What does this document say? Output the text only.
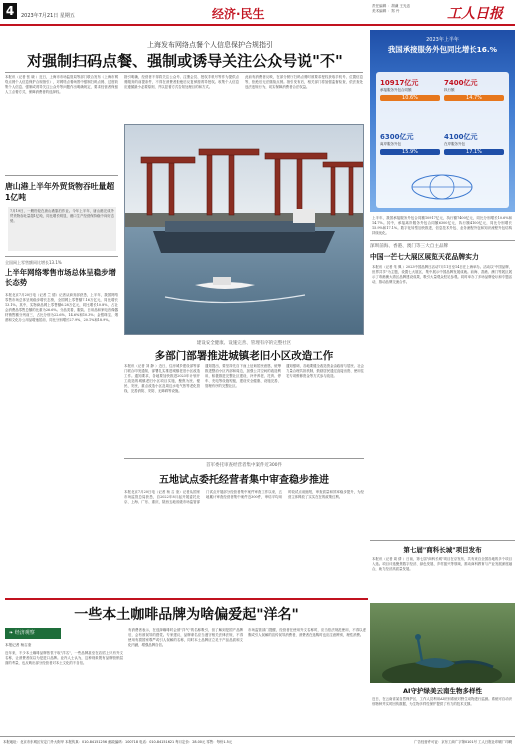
4	2023年7月21日 星期五	经济·民生
责任编辑 ：胡谦 王光忠
美术编辑 ：郑 丹	工人日报
上海发布网络点餐个人信息保护合规指引
对强制扫码点餐、强制或诱导关注公众号说"不"
本报讯（记者 张 晓 ）近日，上海市市场监管局等部门联合发布《上海市网络点餐个人信息保护合规指引》，对网络点餐场景中强制扫码点餐、过度收集个人信息、强制或诱导关注公众号等问题作出明确规定，要求经营者保留人工点餐方式，保障消费者的选择权。
指引明确，经营者不得将关注公众号、注册会员、授权手机号等作为提供点餐服务的前提条件，不得在消费者拒绝后反复弹窗诱导授权。收集个人信息应遵循最小必要原则，并以显著方式告知处理目的和方式。
此前有消费者反映，在部分餐厅扫码点餐时被要求授权获取手机号、位置信息等，拒绝后无法继续点餐。指引发布后，相关部门将加强监督检查，依法查处违法违规行为，切实保障消费者合法权益。
唐山港上半年外贸货物吞吐量超1亿吨
7月19日，一艘货轮在唐山港靠泊作业。今年上半年，唐山港完成外贸货物吞吐量超1亿吨，同比增长明显，港口生产经营保持稳中向好态势。
全国网上零售额同比增长13.1%
上半年网络零售市场总体呈稳步增长态势
本报北京7月20日电（记者 兰 德）记者从商务部获悉，上半年，我国网络零售市场总体呈现稳步增长态势，全国网上零售额7.16万亿元，同比增长13.1%。其中，实物商品网上零售额6.28万亿元，同比增长10.8%，占社会消费品零售总额的比重为26.6%。分品类看，服装、日用品和家电音像器材销售额分列前三，占比分别为22.6%、14.6%和10.3%；金银珠宝、烟酒和文化办公用品增速居前，同比分别增长27.9%、20.1%和18.9%。
建设安全健康、设施完善、管理有序的完整社区
多部门部署推进城镇老旧小区改造工作
本报讯（记者 刘 静 ）近日，住房城乡建设部等部门联合印发通知，部署扎实推进城镇老旧小区改造工作。通知要求，各地要加快推进2023年计划开工改造的城镇老旧小区项目实施，聚焦为民、便民、安民，重点改造小区及周边水电气热等老化管线，完善消防、安防、无障碍等设施。
通知提出，要坚持先自下而上征询居民意愿，统筹推进整治小区内部和周边，加强公共空间的改造利用，积极推进完整社区建设，补齐养老、托育、停车、充电等设施短板，建设安全健康、设施完善、管理有序的完整社区。
通知强调，各地要健全改造资金由政府与居民、社会力量合理共担机制，鼓励居民通过直接出资、使用住宅专项维修资金等方式参与改造。
首军委托审查经营者集中案件近300件
五地试点委托经营者集中审查稳步推进
本报北京7月20日电（记者 杨 召 奎）记者从国家市场监管总局获悉，自2022年8月起开展委托北京、上海、广东、重庆、陕西五地省级市场监管部门试点开展部分经营者集中案件审查工作以来，五地累计审查经营者集中案件近300件，审结平均用时较试点前缩短，审查质量和效率稳步提升，为经营主体释放了实实在在的政策红利。
一些本土咖啡品牌为啥偏爱起"洋名"
❧ 经济观察
本报记者 杨召奎
近年来，不少本土咖啡品牌热衷于取"洋名"，一些品牌甚至在店招上只有外文名称，让消费者误以为是进口品牌。业内人士认为，这种现象既有品牌营销层面的考量，也反映出部分经营者对本土文化的不自信。
有消费者表示，在选择咖啡时会被"洋气"的名称吸引，但了解到是国产品牌后，会有被误导的感觉。专家建议，品牌命名应当遵守相关法律法规，不得使用有损国家尊严或引人误解的名称，同时本土品牌应立足于产品品质和文化内涵，增强品牌自信。
市场监管部门提醒，经营者在使用外文名称时，应当依法规范使用，不得以虚假或引人误解的宣传误导消费者，消费者在选购时也应注意辨别，理性消费。
2023年上半年
我国承接服务外包同比增长16.%
10917亿元
承接服务外包合同额
10.6%
7400亿元
执行额
14.7%
6300亿元
离岸服务外包
15.9%
4100亿元
在岸服务外包
17.1%
上半年，我国承接服务外包合同额10917亿元，执行额7400亿元，同比分别增长10.6%和14.7%。其中，承接离岸服务外包合同额6300亿元，执行额4100亿元，同比分别增长15.9%和17.1%。数字化转型加快推进，信息技术外包、业务流程外包和知识流程外包结构持续优化。
深圳前海、香港、澳门等三大自主品牌
中国一芒七大展区展览天花品牌实力
本报讯（记者 朱 佩 ）2023中国品牌日活动7月11日至14日在上海举办。活动以"中国品牌，世界共享"为主题，设置七大展区，集中展示中国品牌发展成就。前海、香港、澳门等展区展示了粤港澳大湾区品牌建设成果，吸引大量观众驻足参观。同时举办了多场品牌论坛和专题活动，推动品牌交流合作。
第七届"商科长城"项目发布
本报讯（记者 周 倩 ）日前，第七届"商科长城"项目在京发布，共有来自全国各地的多个项目入选。项目评选聚焦数字经济、绿色发展、乡村振兴等领域，推动商科教育与产业发展深度融合，助力经济高质量发展。
AI守护绿美云南生物多样性
近日，在云南省某自然保护区，工作人员利用AI识别系统对野生动物进行监测。系统可自动识别物种并实时回传数据，为生物多样性保护提供了有力的技术支撑。
本报地址：北京市东城区安定门外大街甲 本报传真：010-84151256 邮政编码：100718 电话：010-84151621 每月定价：28.00元 零售：每份1.5元	广告经营许可证：京东工商广字第0101号 工人日报社印刷厂印刷
